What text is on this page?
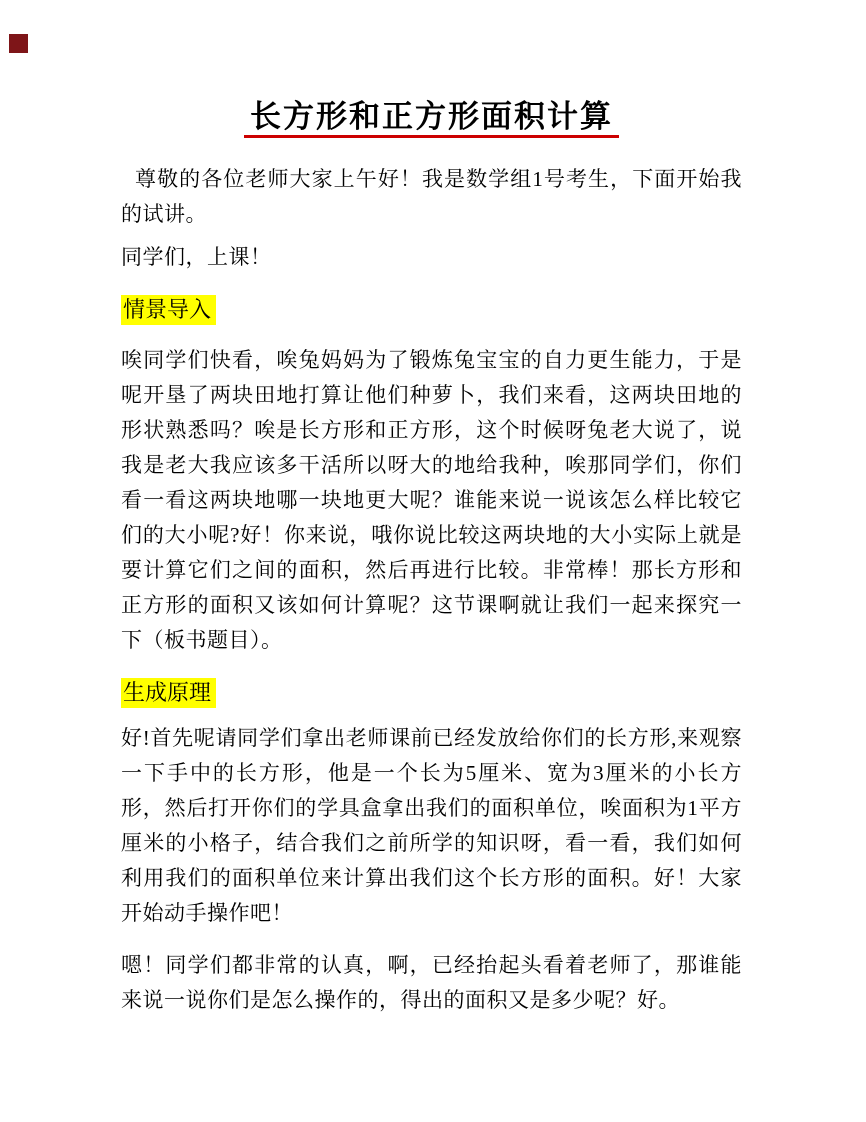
长方形和正方形面积计算

尊敬的各位老师大家上午好！我是数学组1号考生，下面开始我的试讲。

同学们，上课！

情景导入

唉同学们快看，唉兔妈妈为了锻炼兔宝宝的自力更生能力，于是呢开垦了两块田地打算让他们种萝卜，我们来看，这两块田地的形状熟悉吗？唉是长方形和正方形，这个时候呀兔老大说了，说我是老大我应该多干活所以呀大的地给我种，唉那同学们，你们看一看这两块地哪一块地更大呢？谁能来说一说该怎么样比较它们的大小呢?好！你来说，哦你说比较这两块地的大小实际上就是要计算它们之间的面积，然后再进行比较。非常棒！那长方形和正方形的面积又该如何计算呢？这节课啊就让我们一起来探究一下（板书题目）。

生成原理

好!首先呢请同学们拿出老师课前已经发放给你们的长方形,来观察一下手中的长方形，他是一个长为5厘米、宽为3厘米的小长方形，然后打开你们的学具盒拿出我们的面积单位，唉面积为1平方厘米的小格子，结合我们之前所学的知识呀，看一看，我们如何利用我们的面积单位来计算出我们这个长方形的面积。好！大家开始动手操作吧！

嗯！同学们都非常的认真，啊，已经抬起头看着老师了，那谁能来说一说你们是怎么操作的，得出的面积又是多少呢？好。
